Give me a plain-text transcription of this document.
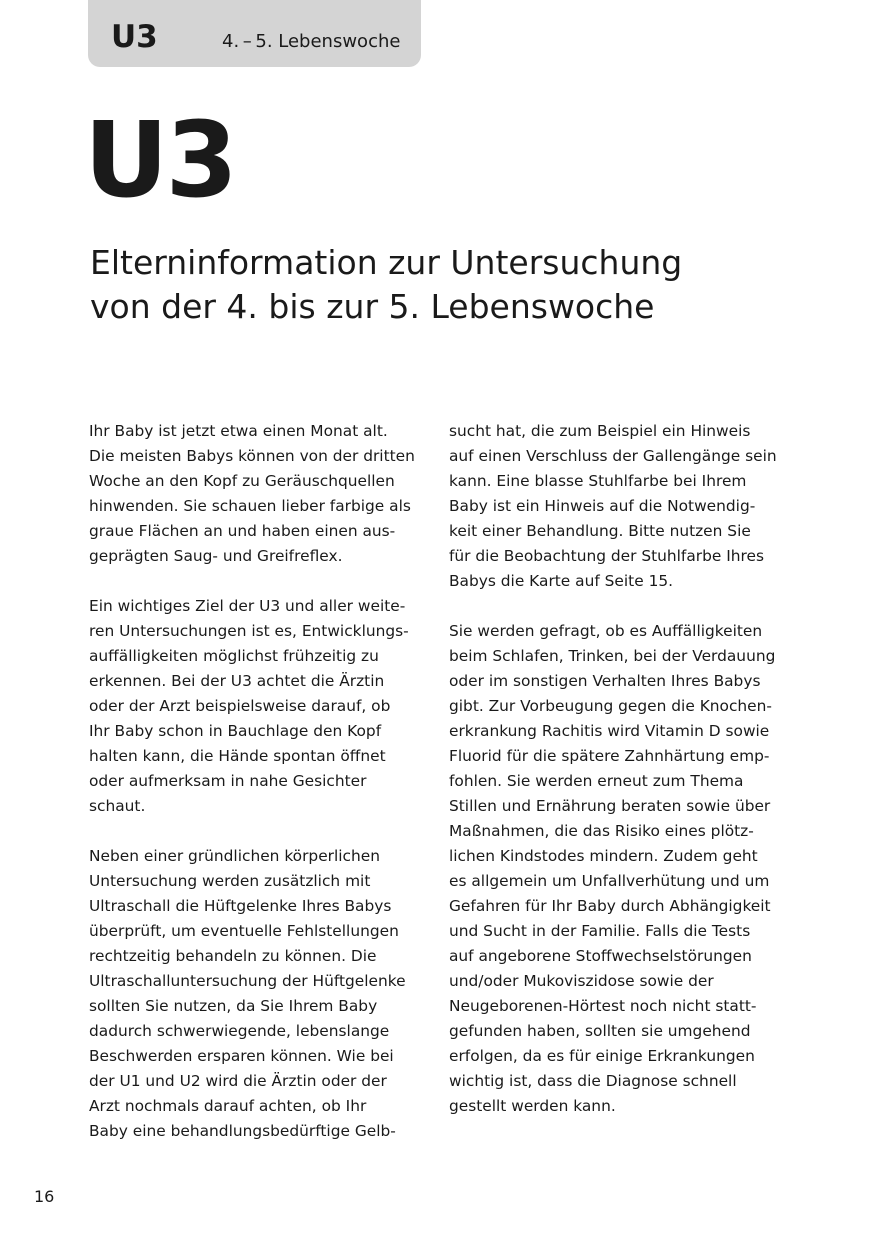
U3	4. – 5. Lebenswoche
U3
Elterninformation zur Untersuchung
von der 4. bis zur 5. Lebenswoche
Ihr Baby ist jetzt etwa einen Monat alt.
Die meisten Babys können von der dritten
Woche an den Kopf zu Geräuschquellen
hinwenden. Sie schauen lieber farbige als
graue Flächen an und haben einen aus-
geprägten Saug- und Greifreflex.
Ein wichtiges Ziel der U3 und aller weite-
ren Untersuchungen ist es, Entwicklungs-
auffälligkeiten möglichst frühzeitig zu
erkennen. Bei der U3 achtet die Ärztin
oder der Arzt beispielsweise darauf, ob
Ihr Baby schon in Bauchlage den Kopf
halten kann, die Hände spontan öffnet
oder aufmerksam in nahe Gesichter
schaut.
Neben einer gründlichen körperlichen
Untersuchung werden zusätzlich mit
Ultraschall die Hüftgelenke Ihres Babys
überprüft, um eventuelle Fehlstellungen
rechtzeitig behandeln zu können. Die
Ultraschalluntersuchung der Hüftgelenke
sollten Sie nutzen, da Sie Ihrem Baby
dadurch schwerwiegende, lebenslange
Beschwerden ersparen können. Wie bei
der U1 und U2 wird die Ärztin oder der
Arzt nochmals darauf achten, ob Ihr
Baby eine behandlungsbedürftige Gelb-
sucht hat, die zum Beispiel ein Hinweis
auf einen Verschluss der Gallengänge sein
kann. Eine blasse Stuhlfarbe bei Ihrem
Baby ist ein Hinweis auf die Notwendig-
keit einer Behandlung. Bitte nutzen Sie
für die Beobachtung der Stuhlfarbe Ihres
Babys die Karte auf Seite 15.
Sie werden gefragt, ob es Auffälligkeiten
beim Schlafen, Trinken, bei der Verdauung
oder im sonstigen Verhalten Ihres Babys
gibt. Zur Vorbeugung gegen die Knochen-
erkrankung Rachitis wird Vitamin D sowie
Fluorid für die spätere Zahnhärtung emp-
fohlen. Sie werden erneut zum Thema
Stillen und Ernährung beraten sowie über
Maßnahmen, die das Risiko eines plötz-
lichen Kindstodes mindern. Zudem geht
es allgemein um Unfallverhütung und um
Gefahren für Ihr Baby durch Abhängigkeit
und Sucht in der Familie. Falls die Tests
auf angeborene Stoffwechselstörungen
und/oder Mukoviszidose sowie der
Neugeborenen-Hörtest noch nicht statt-
gefunden haben, sollten sie umgehend
erfolgen, da es für einige Erkrankungen
wichtig ist, dass die Diagnose schnell
gestellt werden kann.
16
